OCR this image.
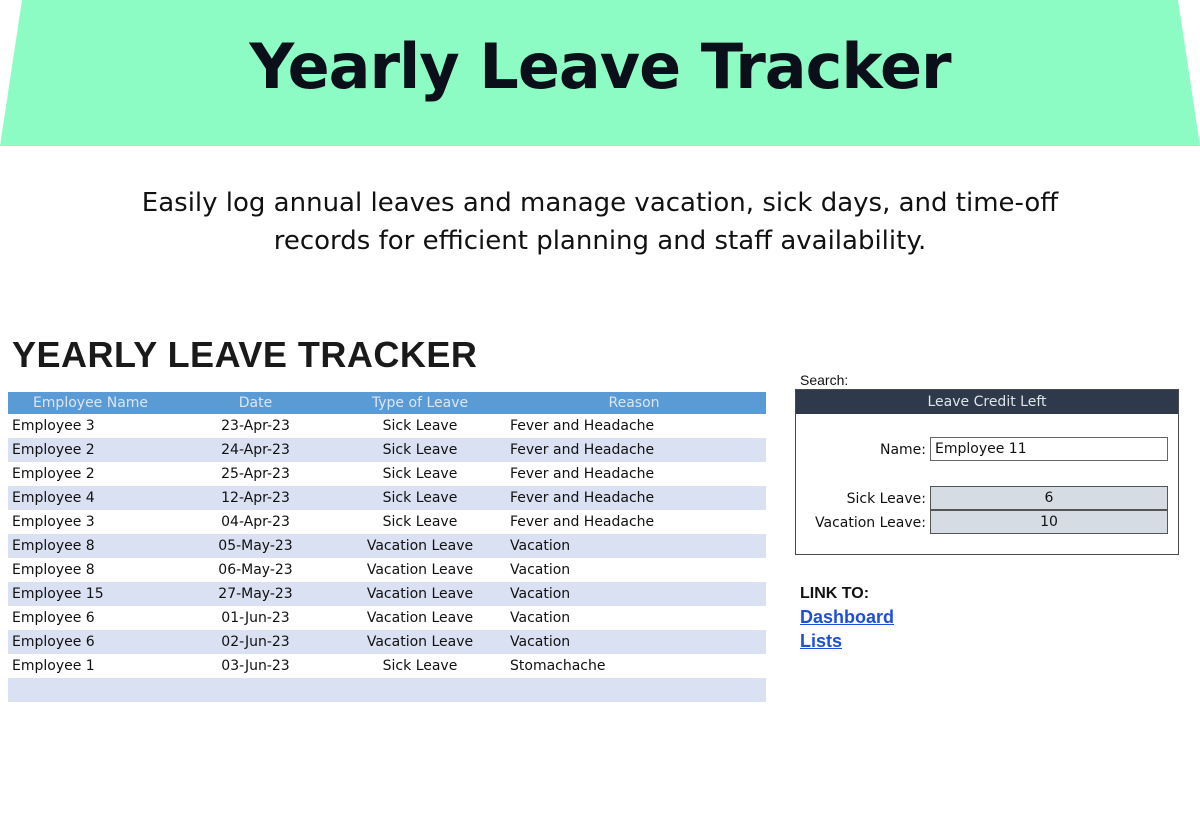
Yearly Leave Tracker
Easily log annual leaves and manage vacation, sick days, and time-off records for efficient planning and staff availability.
YEARLY LEAVE TRACKER
Employee Name	Date	Type of Leave	Reason
Employee 3	23-Apr-23	Sick Leave	Fever and Headache
Employee 2	24-Apr-23	Sick Leave	Fever and Headache
Employee 2	25-Apr-23	Sick Leave	Fever and Headache
Employee 4	12-Apr-23	Sick Leave	Fever and Headache
Employee 3	04-Apr-23	Sick Leave	Fever and Headache
Employee 8	05-May-23	Vacation Leave	Vacation
Employee 8	06-May-23	Vacation Leave	Vacation
Employee 15	27-May-23	Vacation Leave	Vacation
Employee 6	01-Jun-23	Vacation Leave	Vacation
Employee 6	02-Jun-23	Vacation Leave	Vacation
Employee 1	03-Jun-23	Sick Leave	Stomachache

Search:
Leave Credit Left
Name: Employee 11
Sick Leave:	6
Vacation Leave:	10
LINK TO:
Dashboard
Lists
